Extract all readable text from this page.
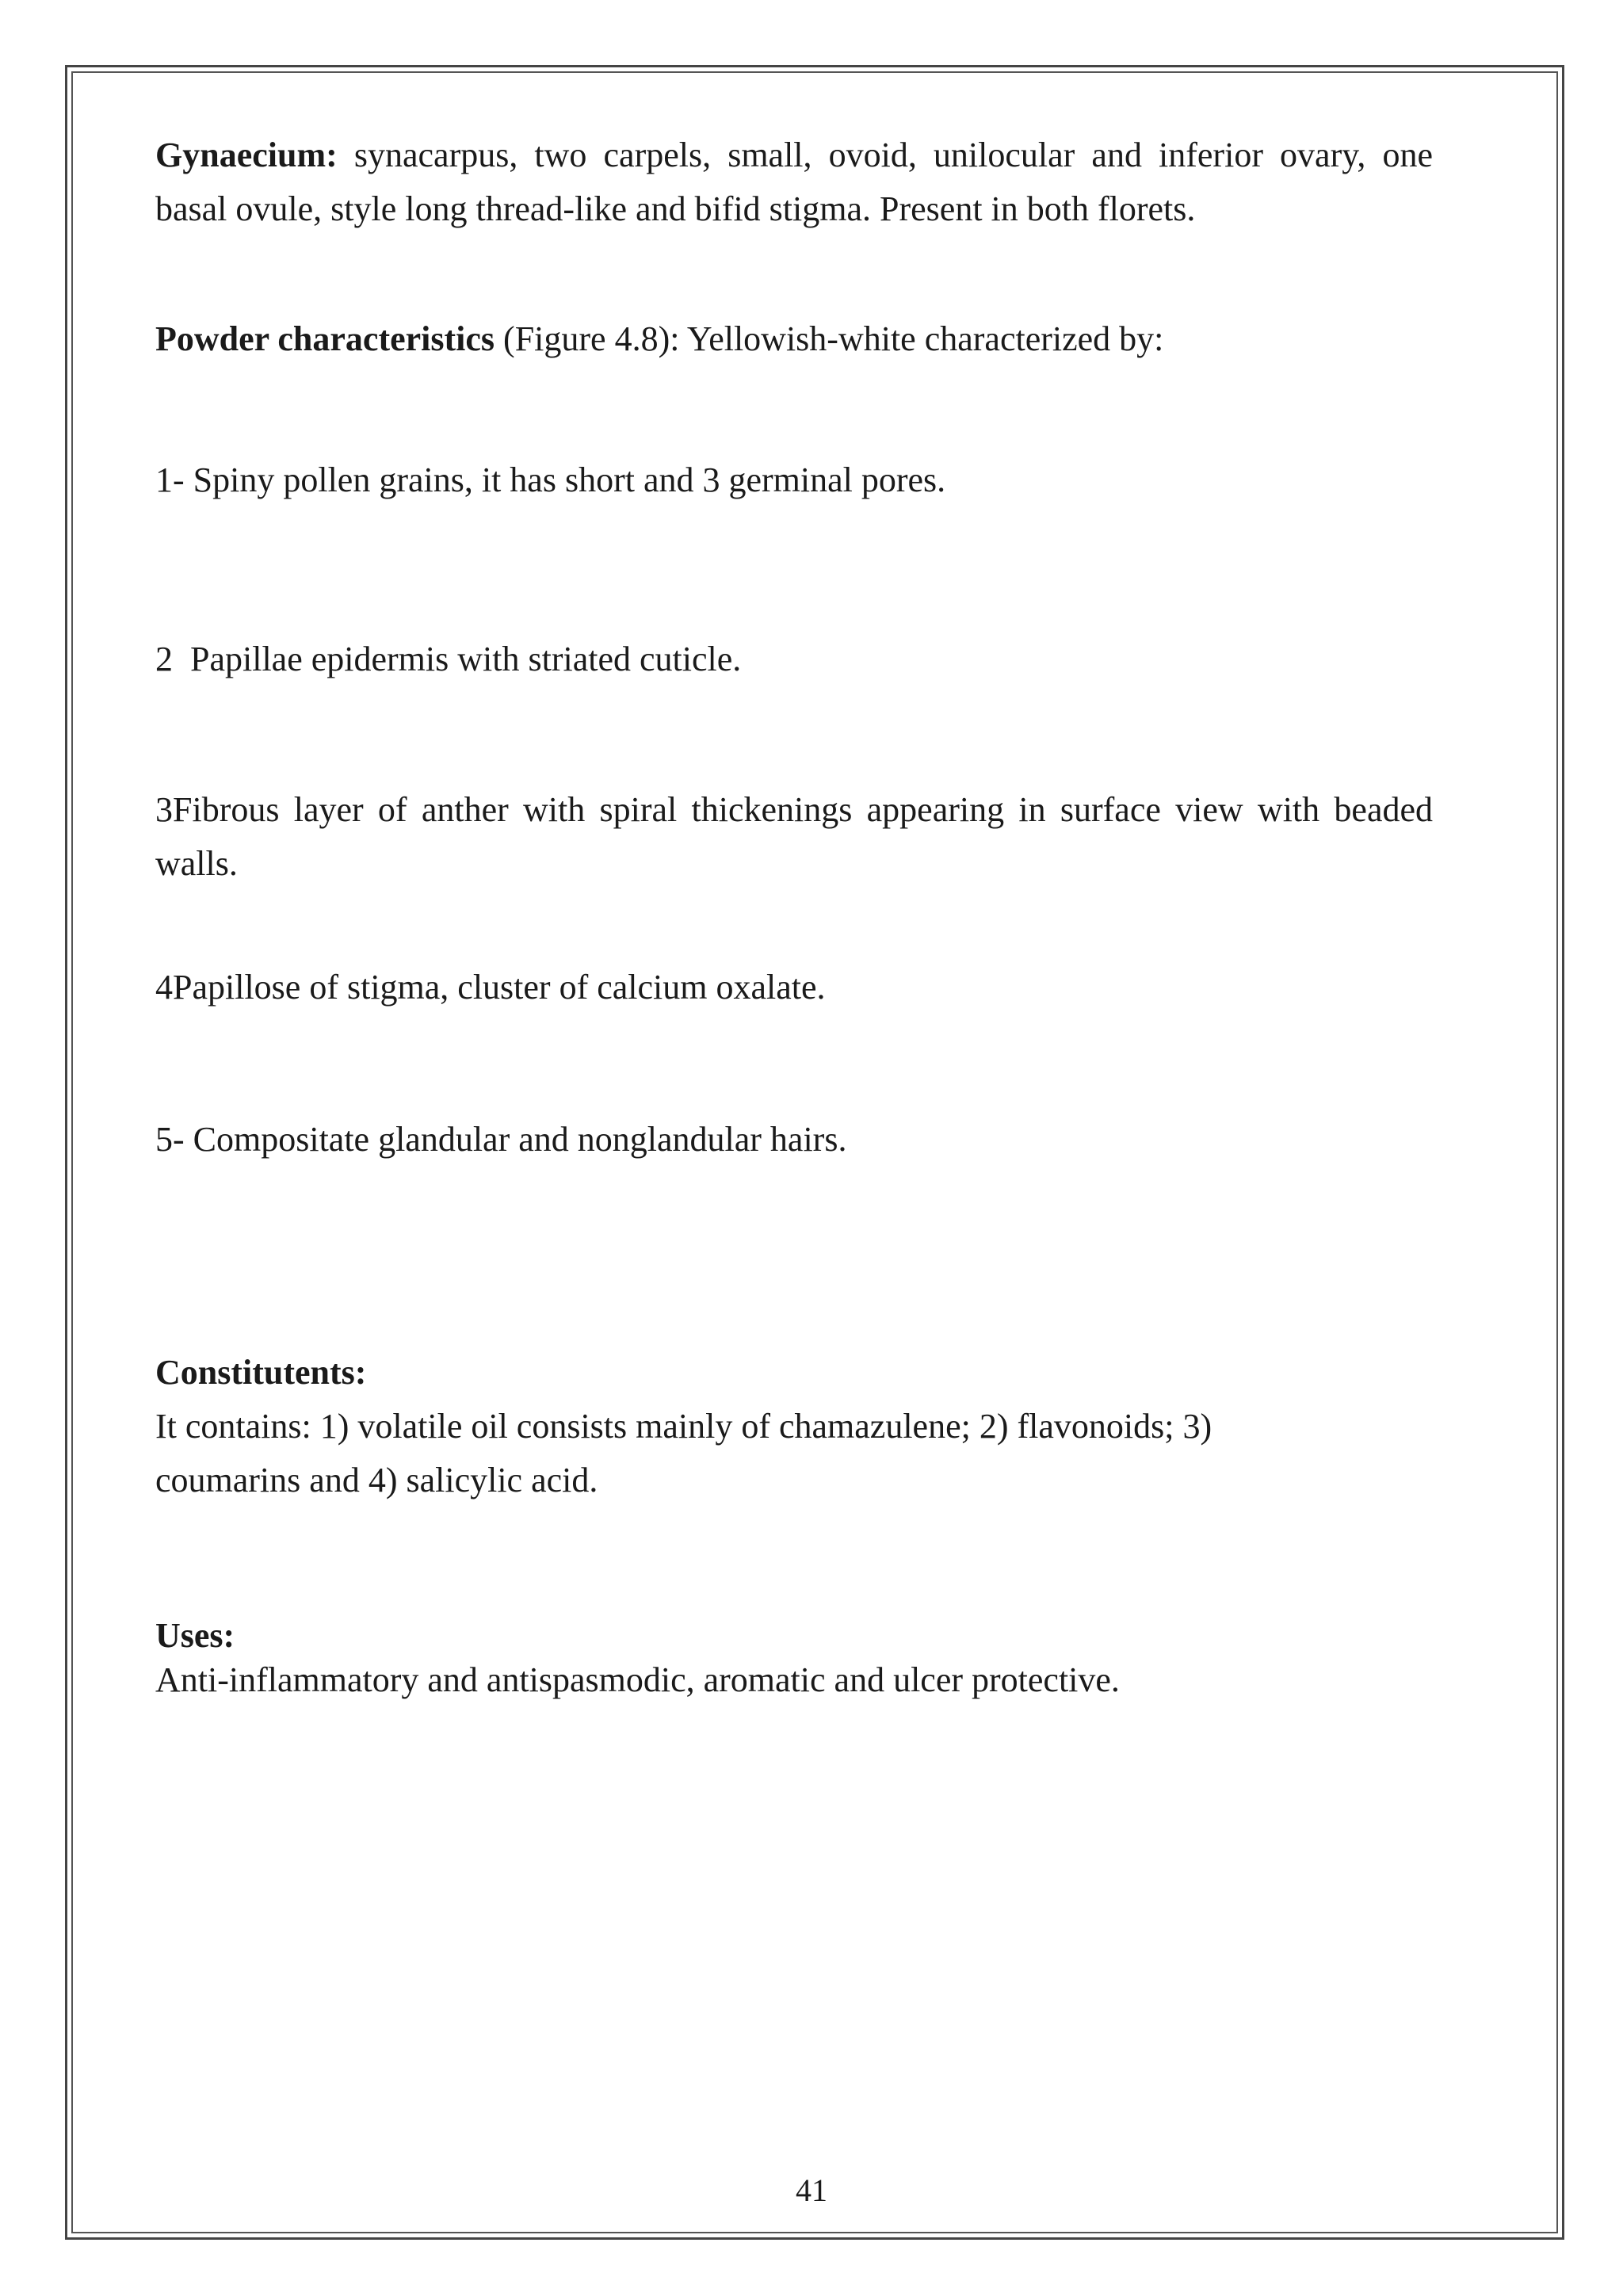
Gynaecium: synacarpus, two carpels, small, ovoid, unilocular and inferior ovary, one basal ovule, style long thread-like and bifid stigma. Present in both florets.

Powder characteristics (Figure 4.8): Yellowish-white characterized by:

1- Spiny pollen grains, it has short and 3 germinal pores.

2  Papillae epidermis with striated cuticle.

3Fibrous layer of anther with spiral thickenings appearing in surface view with beaded walls.

4Papillose of stigma, cluster of calcium oxalate.

5- Compositate glandular and nonglandular hairs.

Constitutents:

It contains: 1) volatile oil consists mainly of chamazulene; 2) flavonoids; 3)

coumarins and 4) salicylic acid.

Uses:

Anti-inflammatory and antispasmodic, aromatic and ulcer protective.

41
